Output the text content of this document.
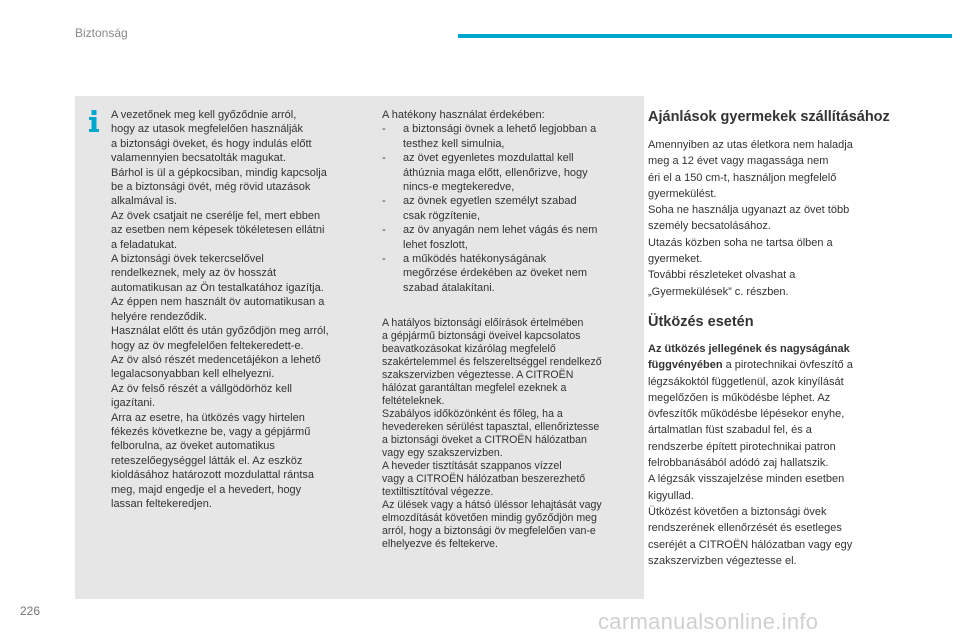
Biztonság
A vezetőnek meg kell győződnie arról,
hogy az utasok megfelelően használják
a biztonsági öveket, és hogy indulás előtt
valamennyien becsatolták magukat.
Bárhol is ül a gépkocsiban, mindig kapcsolja
be a biztonsági övét, még rövid utazások
alkalmával is.
Az övek csatjait ne cserélje fel, mert ebben
az esetben nem képesek tökéletesen ellátni
a feladatukat.
A biztonsági övek tekercselővel
rendelkeznek, mely az öv hosszát
automatikusan az Ön testalkatához igazítja.
Az éppen nem használt öv automatikusan a
helyére rendeződik.
Használat előtt és után győződjön meg arról,
hogy az öv megfelelően feltekeredett-e.
Az öv alsó részét medencetájékon a lehető
legalacsonyabban kell elhelyezni.
Az öv felső részét a vállgödörhöz kell
igazítani.
Arra az esetre, ha ütközés vagy hirtelen
fékezés következne be, vagy a gépjármű
felborulna, az öveket automatikus
reteszelőegységgel látták el. Az eszköz
kioldásához határozott mozdulattal rántsa
meg, majd engedje el a hevedert, hogy
lassan feltekeredjen.

A hatékony használat érdekében:

- a biztonsági övnek a lehető legjobban a
testhez kell simulnia,
- az övet egyenletes mozdulattal kell
áthúznia maga előtt, ellenőrizve, hogy
nincs-e megtekeredve,
- az övnek egyetlen személyt szabad
csak rögzítenie,
- az öv anyagán nem lehet vágás és nem
lehet foszlott,
- a működés hatékonyságának
megőrzése érdekében az öveket nem
szabad átalakítani.
A hatályos biztonsági előírások értelmében
a gépjármű biztonsági öveivel kapcsolatos
beavatkozásokat kizárólag megfelelő
szakértelemmel és felszereltséggel rendelkező
szakszervizben végeztesse. A CITROËN
hálózat garantáltan megfelel ezeknek a
feltételeknek.
Szabályos időközönként és főleg, ha a
hevedereken sérülést tapasztal, ellenőriztesse
a biztonsági öveket a CITROËN hálózatban
vagy egy szakszervizben.
A heveder tisztítását szappanos vízzel
vagy a CITROËN hálózatban beszerezhető
textiltisztítóval végezze.
Az ülések vagy a hátsó üléssor lehajtását vagy
elmozdítását követően mindig győződjön meg
arról, hogy a biztonsági öv megfelelően van-e
elhelyezve és feltekerve.
Ajánlások gyermekek szállításához
Amennyiben az utas életkora nem haladja
meg a 12 évet vagy magassága nem
éri el a 150 cm-t, használjon megfelelő
gyermekülést.
Soha ne használja ugyanazt az övet több
személy becsatolásához.
Utazás közben soha ne tartsa ölben a
gyermeket.
További részleteket olvashat a
„Gyermekülések” c. részben.
Ütközés esetén
Az ütközés jellegének és nagyságának
függvényében a pirotechnikai övfeszítő a
légzsákoktól függetlenül, azok kinyílását
megelőzően is működésbe léphet. Az
övfeszítők működésbe lépésekor enyhe,
ártalmatlan füst szabadul fel, és a
rendszerbe épített pirotechnikai patron
felrobbanásából adódó zaj hallatszik.
A légzsák visszajelzése minden esetben
kigyullad.
Ütközést követően a biztonsági övek
rendszerének ellenőrzését és esetleges
cseréjét a CITROËN hálózatban vagy egy
szakszervizben végeztesse el.
226	carmanualsonline.info
